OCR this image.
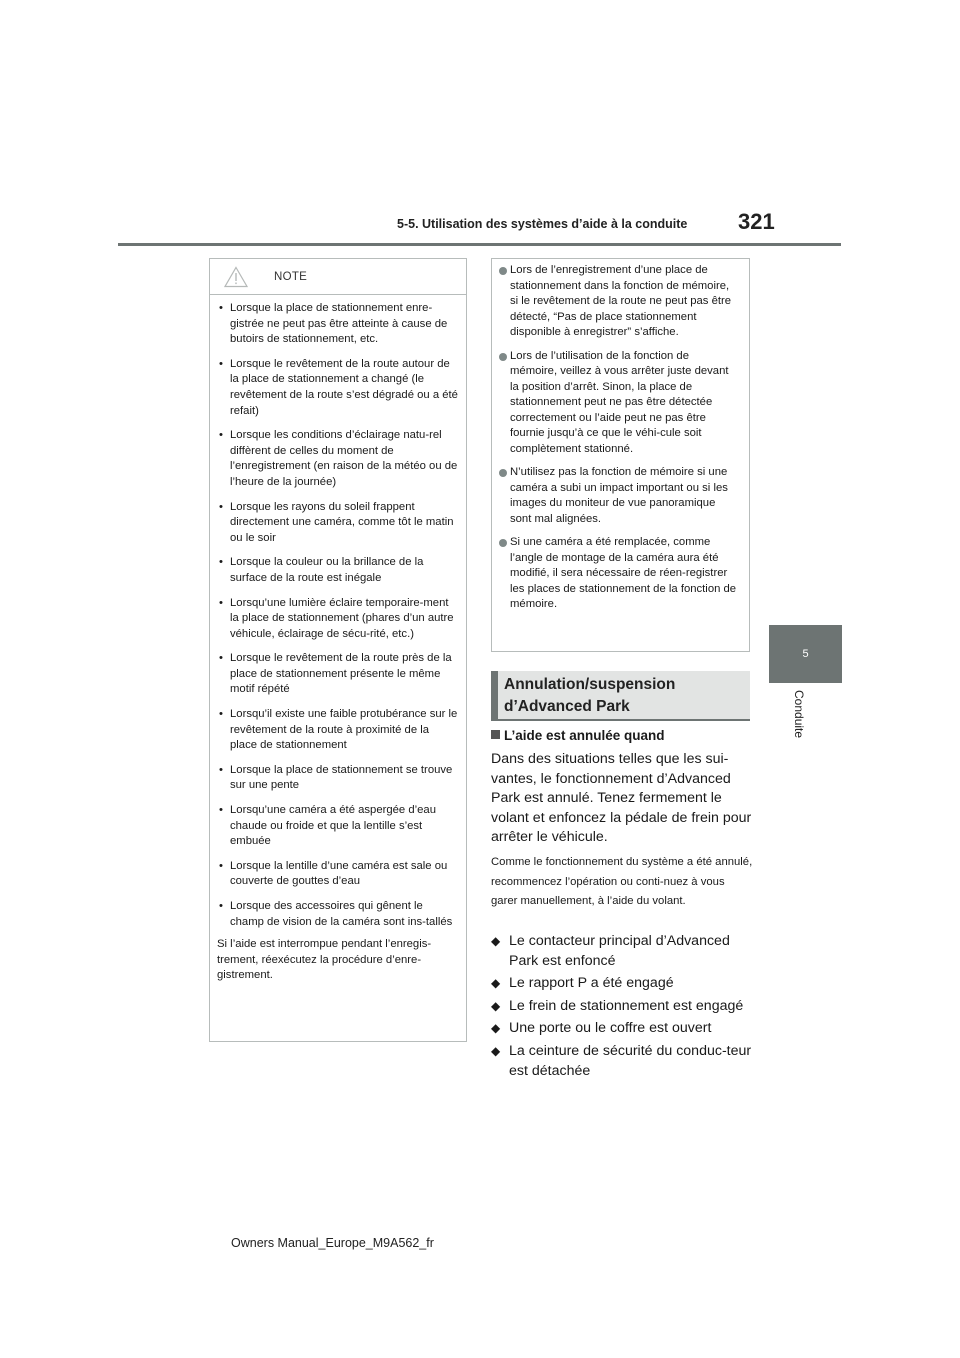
5-5. Utilisation des systèmes d’aide à la conduite	321
5
Conduite
NOTE
• Lorsque la place de stationnement enre-gistrée ne peut pas être atteinte à cause de butoirs de stationnement, etc.
• Lorsque le revêtement de la route autour de la place de stationnement a changé (le revêtement de la route s’est dégradé ou a été refait)
• Lorsque les conditions d’éclairage natu-rel diffèrent de celles du moment de l’enregistrement (en raison de la météo ou de l’heure de la journée)
• Lorsque les rayons du soleil frappent directement une caméra, comme tôt le matin ou le soir
• Lorsque la couleur ou la brillance de la surface de la route est inégale
• Lorsqu’une lumière éclaire temporaire-ment la place de stationnement (phares d’un autre véhicule, éclairage de sécu-rité, etc.)
• Lorsque le revêtement de la route près de la place de stationnement présente le même motif répété
• Lorsqu’il existe une faible protubérance sur le revêtement de la route à proximité de la place de stationnement
• Lorsque la place de stationnement se trouve sur une pente
• Lorsqu’une caméra a été aspergée d’eau chaude ou froide et que la lentille s’est embuée
• Lorsque la lentille d’une caméra est sale ou couverte de gouttes d’eau
• Lorsque des accessoires qui gênent le champ de vision de la caméra sont ins-tallés
Si l’aide est interrompue pendant l’enregis-trement, réexécutez la procédure d’enre-gistrement.
Lors de l’enregistrement d’une place de stationnement dans la fonction de mémoire, si le revêtement de la route ne peut pas être détecté, “Pas de place stationnement disponible à enregistrer” s’affiche.
Lors de l’utilisation de la fonction de mémoire, veillez à vous arrêter juste devant la position d’arrêt. Sinon, la place de stationnement peut ne pas être détectée correctement ou l’aide peut ne pas être fournie jusqu’à ce que le véhi-cule soit complètement stationné.
N’utilisez pas la fonction de mémoire si une caméra a subi un impact important ou si les images du moniteur de vue panoramique sont mal alignées.
Si une caméra a été remplacée, comme l’angle de montage de la caméra aura été modifié, il sera nécessaire de réen-registrer les places de stationnement de la fonction de mémoire.
Annulation/suspension d’Advanced Park
L’aide est annulée quand
Dans des situations telles que les sui-vantes, le fonctionnement d’Advanced Park est annulé. Tenez fermement le volant et enfoncez la pédale de frein pour arrêter le véhicule.
Comme le fonctionnement du système a été annulé, recommencez l’opération ou conti-nuez à vous garer manuellement, à l’aide du volant.
◆ Le contacteur principal d’Advanced Park est enfoncé
◆ Le rapport P a été engagé
◆ Le frein de stationnement est engagé
◆ Une porte ou le coffre est ouvert
◆ La ceinture de sécurité du conduc-teur est détachée
Owners Manual_Europe_M9A562_fr
